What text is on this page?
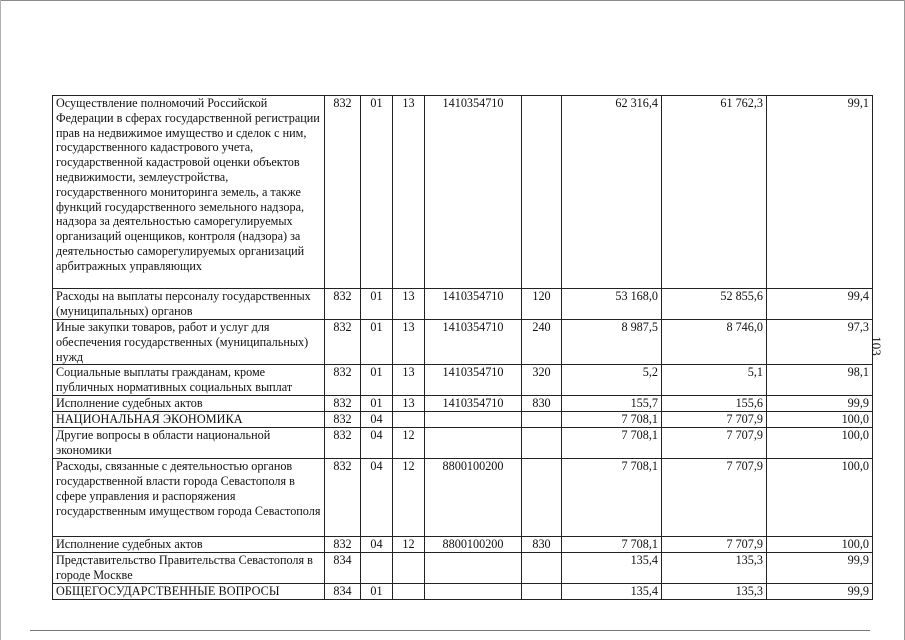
Осуществление полномочий Российской Федерации в сферах государственной регистрации прав на недвижимое имущество и сделок с ним, государственного кадастрового учета, государственной кадастровой оценки объектов недвижимости, землеустройства, государственного мониторинга земель, а также функций государственного земельного надзора, надзора за деятельностью саморегулируемых организаций оценщиков, контроля (надзора) за деятельностью саморегулируемых организаций арбитражных управляющих	832	01	13	1410354710		62 316,4	61 762,3	99,1
Расходы на выплаты персоналу государственных (муниципальных) органов	832	01	13	1410354710	120	53 168,0	52 855,6	99,4
Иные закупки товаров, работ и услуг для обеспечения государственных (муниципальных) нужд	832	01	13	1410354710	240	8 987,5	8 746,0	97,3
Социальные выплаты гражданам, кроме публичных нормативных социальных выплат	832	01	13	1410354710	320	5,2	5,1	98,1
Исполнение судебных актов	832	01	13	1410354710	830	155,7	155,6	99,9
НАЦИОНАЛЬНАЯ ЭКОНОМИКА	832	04				7 708,1	7 707,9	100,0
Другие вопросы в области национальной экономики	832	04	12			7 708,1	7 707,9	100,0
Расходы, связанные с деятельностью органов государственной власти города Севастополя в сфере управления и распоряжения государственным имуществом города Севастополя	832	04	12	8800100200		7 708,1	7 707,9	100,0
Исполнение судебных актов	832	04	12	8800100200	830	7 708,1	7 707,9	100,0
Представительство Правительства Севастополя в городе Москве	834					135,4	135,3	99,9
ОБЩЕГОСУДАРСТВЕННЫЕ ВОПРОСЫ	834	01				135,4	135,3	99,9
103
